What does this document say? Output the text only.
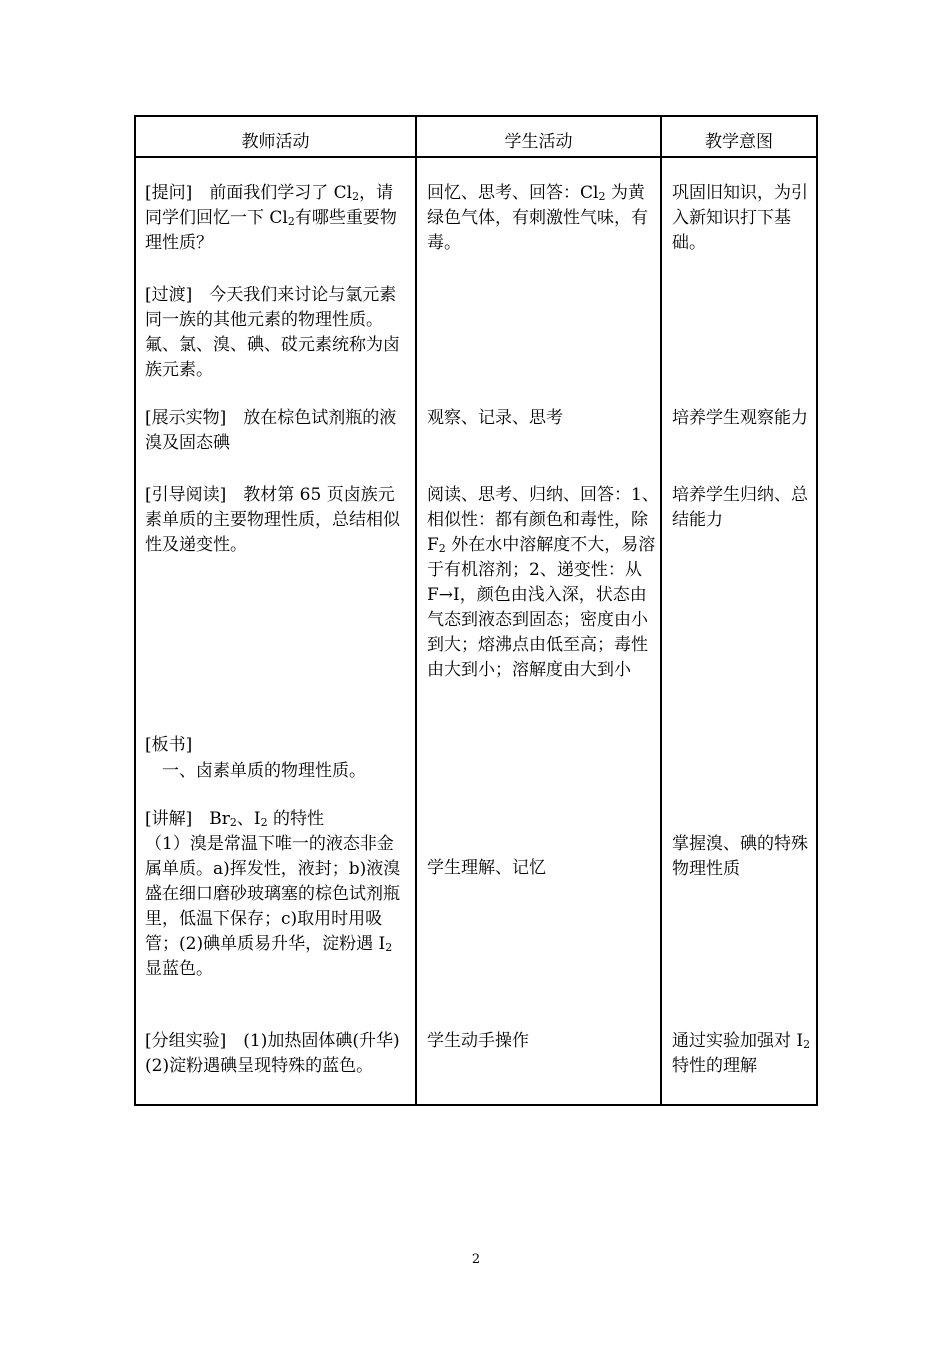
教师活动	学生活动	教学意图

[提问]　前面我们学习了 $Cl_2$，请同学们回忆一下 $Cl_2$有哪些重要物理性质？

[过渡]　今天我们来讨论与氯元素同一族的其他元素的物理性质。氟、氯、溴、碘、砹元素统称为卤族元素。

[展示实物]　放在棕色试剂瓶的液溴及固态碘

[引导阅读]　教材第 65 页卤族元素单质的主要物理性质，总结相似性及递变性。

[板书]

　一、卤素单质的物理性质。

[讲解]　$Br_2$、$I_2$ 的特性

（1）溴是常温下唯一的液态非金属单质。a)挥发性，液封；b)液溴盛在细口磨砂玻璃塞的棕色试剂瓶里，低温下保存；c)取用时用吸管；(2)碘单质易升华，淀粉遇 $I_2$ 显蓝色。

[分组实验]　(1)加热固体碘(升华)(2)淀粉遇碘呈现特殊的蓝色。

回忆、思考、回答：$Cl_2$ 为黄绿色气体，有刺激性气味，有毒。

观察、记录、思考

阅读、思考、归纳、回答：1、相似性：都有颜色和毒性，除 $F_2$ 外在水中溶解度不大，易溶于有机溶剂；2、递变性：从 F→I，颜色由浅入深，状态由气态到液态到固态；密度由小到大；熔沸点由低至高；毒性由大到小；溶解度由大到小

学生理解、记忆

学生动手操作

巩固旧知识，为引入新知识打下基础。

培养学生观察能力

培养学生归纳、总结能力

掌握溴、碘的特殊物理性质

通过实验加强对 $I_2$ 特性的理解

2
